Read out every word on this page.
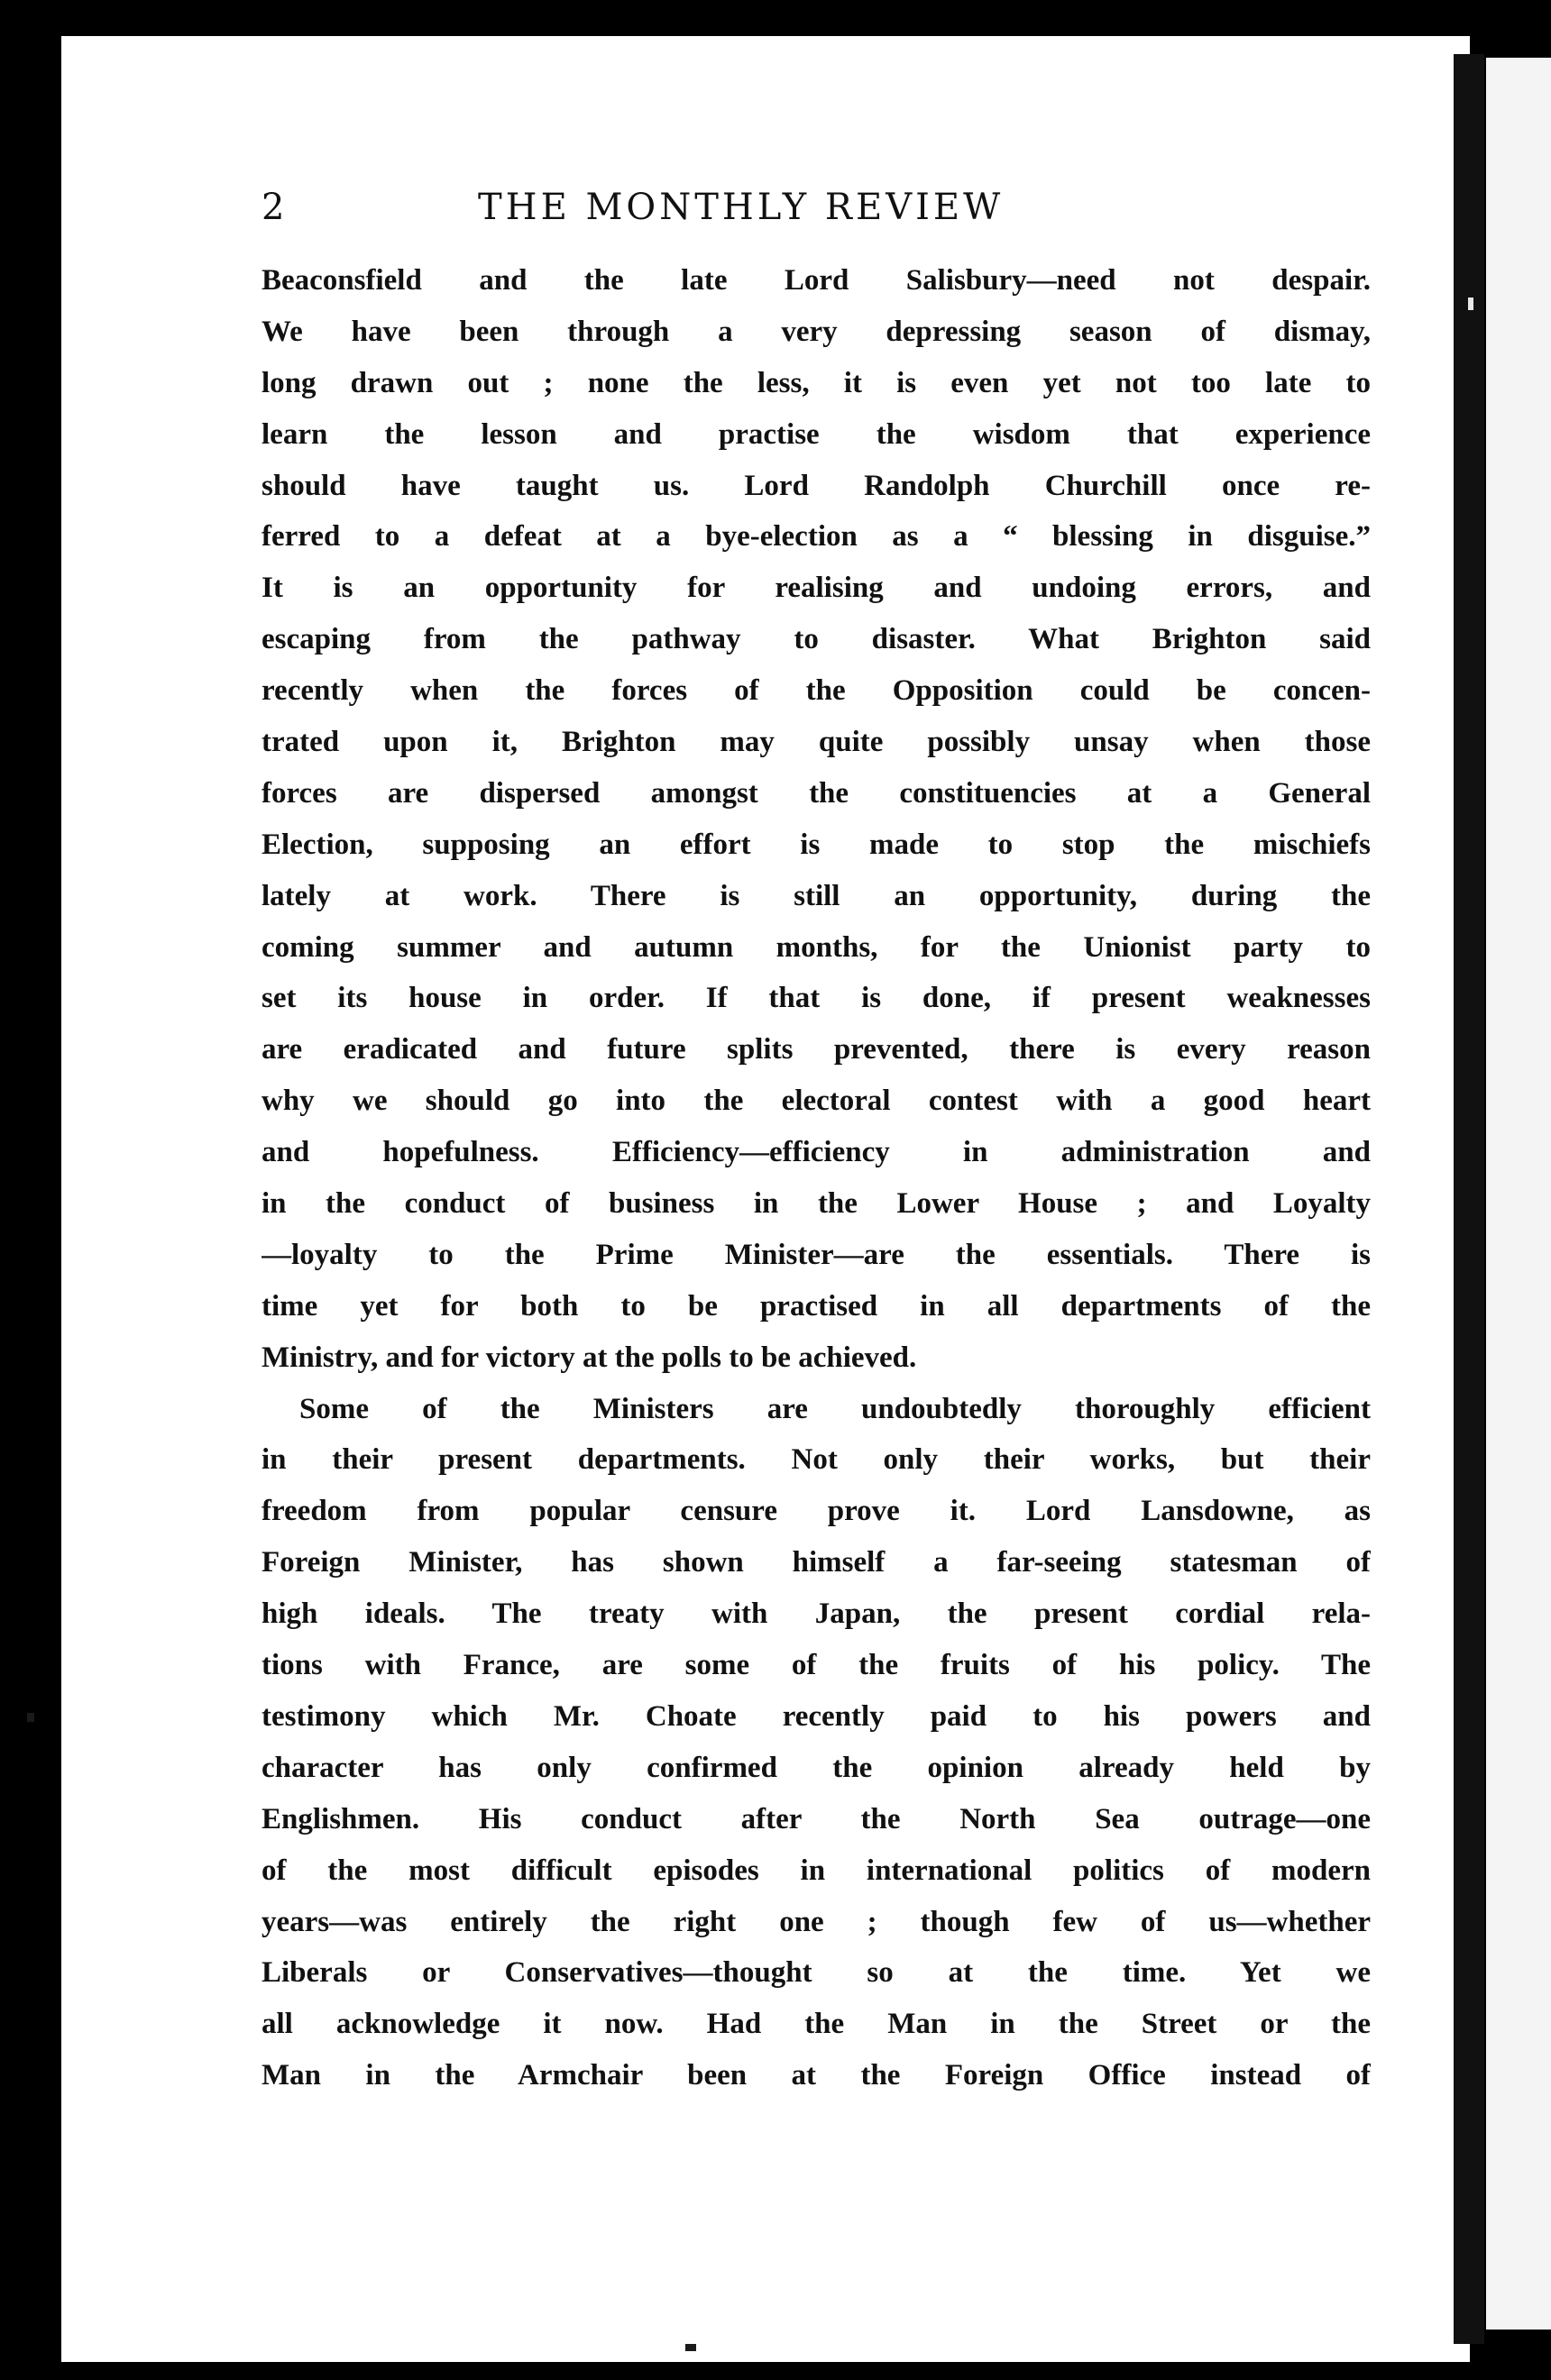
2	THE MONTHLY REVIEW
Beaconsfield and the late Lord Salisbury—need not despair.
We have been through a very depressing season of dismay,
long drawn out ; none the less, it is even yet not too late to
learn the lesson and practise the wisdom that experience
should have taught us. Lord Randolph Churchill once re-
ferred to a defeat at a bye-election as a “ blessing in disguise.”
It is an opportunity for realising and undoing errors, and
escaping from the pathway to disaster. What Brighton said
recently when the forces of the Opposition could be concen-
trated upon it, Brighton may quite possibly unsay when those
forces are dispersed amongst the constituencies at a General
Election, supposing an effort is made to stop the mischiefs
lately at work. There is still an opportunity, during the
coming summer and autumn months, for the Unionist party to
set its house in order. If that is done, if present weaknesses
are eradicated and future splits prevented, there is every reason
why we should go into the electoral contest with a good heart
and hopefulness. Efficiency—efficiency in administration and
in the conduct of business in the Lower House ; and Loyalty
—loyalty to the Prime Minister—are the essentials. There is
time yet for both to be practised in all departments of the
Ministry, and for victory at the polls to be achieved.
Some of the Ministers are undoubtedly thoroughly efficient
in their present departments. Not only their works, but their
freedom from popular censure prove it. Lord Lansdowne, as
Foreign Minister, has shown himself a far-seeing statesman of
high ideals. The treaty with Japan, the present cordial rela-
tions with France, are some of the fruits of his policy. The
testimony which Mr. Choate recently paid to his powers and
character has only confirmed the opinion already held by
Englishmen. His conduct after the North Sea outrage—one
of the most difficult episodes in international politics of modern
years—was entirely the right one ; though few of us—whether
Liberals or Conservatives—thought so at the time. Yet we
all acknowledge it now. Had the Man in the Street or the
Man in the Armchair been at the Foreign Office instead of
